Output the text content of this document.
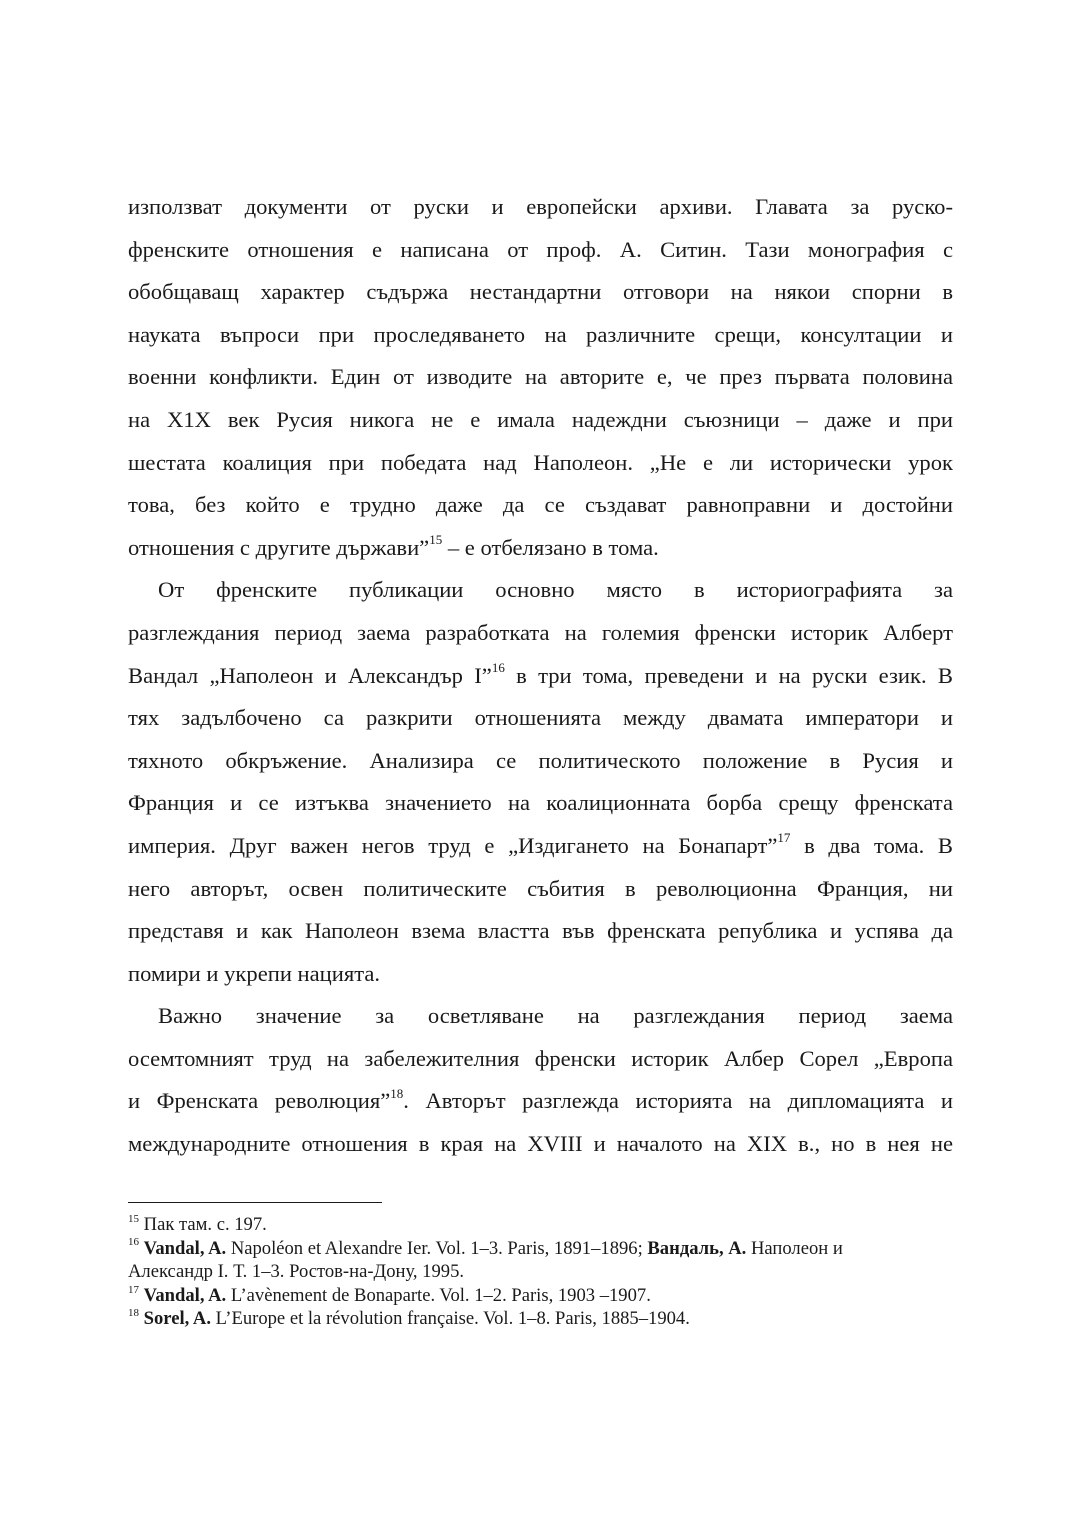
използват документи от руски и европейски архиви. Главата за руско-
френските отношения е написана от проф. А. Ситин. Тази монография с
обобщаващ характер съдържа нестандартни отговори на някои спорни в
науката въпроси при проследяването на различните срещи, консултации и
военни конфликти. Един от изводите на авторите е, че през първата половина
на X1X век Русия никога не е имала надеждни съюзници – даже и при
шестата коалиция при победата над Наполеон. „Не е ли исторически урок
това, без който е трудно даже да се създават равноправни и достойни
отношения с другите държави”$^{15}$ – е отбелязано в тома.
От френските публикации основно място в историографията за
разглеждания период заема разработката на големия френски историк Алберт
Вандал „Наполеон и Александър I”$^{16}$ в три тома, преведени и на руски език. В
тях задълбочено са разкрити отношенията между двамата императори и
тяхното обкръжение. Анализира се политическото положение в Русия и
Франция и се изтъква значението на коалиционната борба срещу френската
империя. Друг важен негов труд е „Издигането на Бонапарт”$^{17}$ в два тома. В
него авторът, освен политическите събития в революционна Франция, ни
представя и как Наполеон взема властта във френската република и успява да
помири и укрепи нацията.
Важно значение за осветляване на разглеждания период заема
осемтомният труд на забележителния френски историк Албер Сорел „Европа
и Френската революция”$^{18}$. Авторът разглежда историята на дипломацията и
международните отношения в края на XVIII и началото на XIX в., но в нея не
$^{15}$ Пак там. с. 197.
$^{16}$ Vandal, A. Napoléon et Alexandre Ier. Vol. 1–3. Paris, 1891–1896; Вандаль, А. Наполеон и
Александр I. Т. 1–3. Ростов-на-Дону, 1995.
$^{17}$ Vandal, A. L’avènement de Bonaparte. Vol. 1–2. Paris, 1903 –1907.
$^{18}$ Sorel, A. L’Europe et la révolution française. Vol. 1–8. Paris, 1885–1904.
